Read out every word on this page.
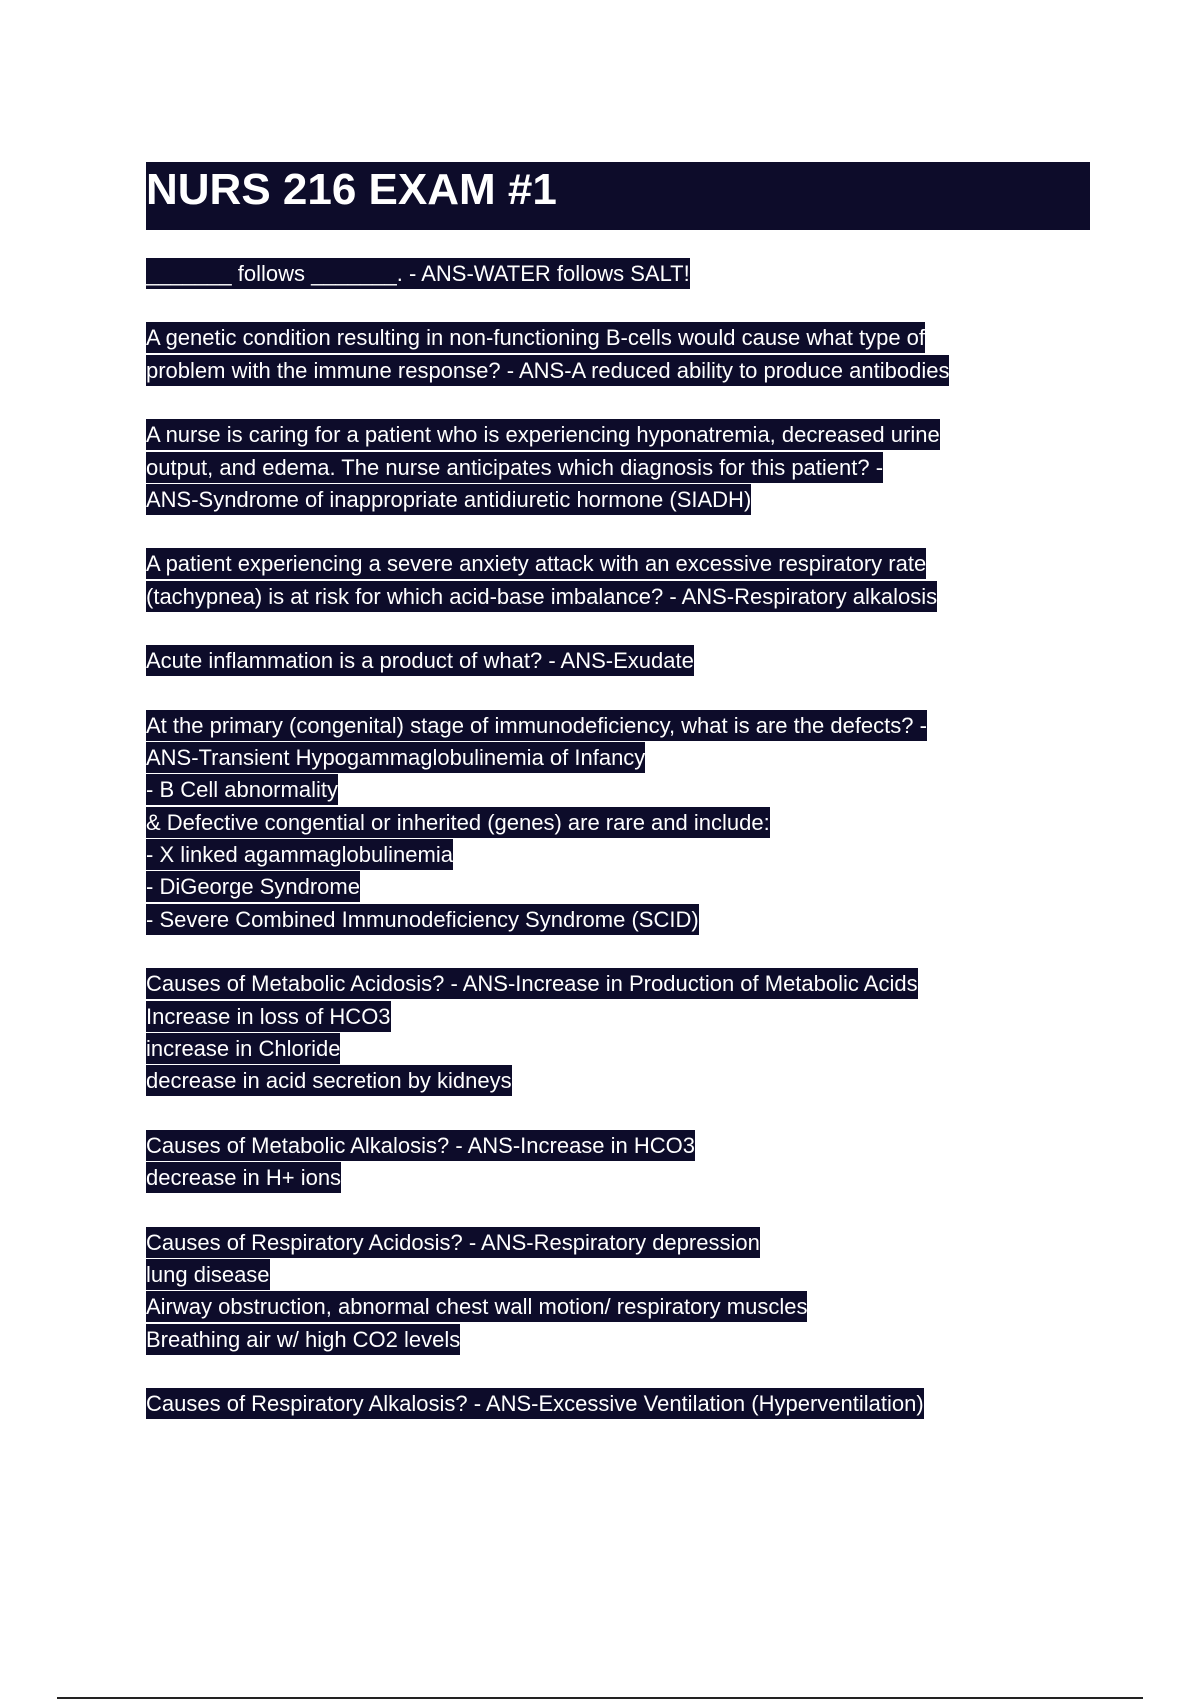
NURS 216 EXAM #1
_______ follows _______. - ANS-WATER follows SALT!
A genetic condition resulting in non-functioning B-cells would cause what type of
problem with the immune response? - ANS-A reduced ability to produce antibodies
A nurse is caring for a patient who is experiencing hyponatremia, decreased urine
output, and edema. The nurse anticipates which diagnosis for this patient? -
ANS-Syndrome of inappropriate antidiuretic hormone (SIADH)
A patient experiencing a severe anxiety attack with an excessive respiratory rate
(tachypnea) is at risk for which acid-base imbalance? - ANS-Respiratory alkalosis
Acute inflammation is a product of what? - ANS-Exudate
At the primary (congenital) stage of immunodeficiency, what is are the defects? -
ANS-Transient Hypogammaglobulinemia of Infancy
- B Cell abnormality
& Defective congential or inherited (genes) are rare and include:
- X linked agammaglobulinemia
- DiGeorge Syndrome
- Severe Combined Immunodeficiency Syndrome (SCID)
Causes of Metabolic Acidosis? - ANS-Increase in Production of Metabolic Acids
Increase in loss of HCO3
increase in Chloride
decrease in acid secretion by kidneys
Causes of Metabolic Alkalosis? - ANS-Increase in HCO3
decrease in H+ ions
Causes of Respiratory Acidosis? - ANS-Respiratory depression
lung disease
Airway obstruction, abnormal chest wall motion/ respiratory muscles
Breathing air w/ high CO2 levels
Causes of Respiratory Alkalosis? - ANS-Excessive Ventilation (Hyperventilation)
